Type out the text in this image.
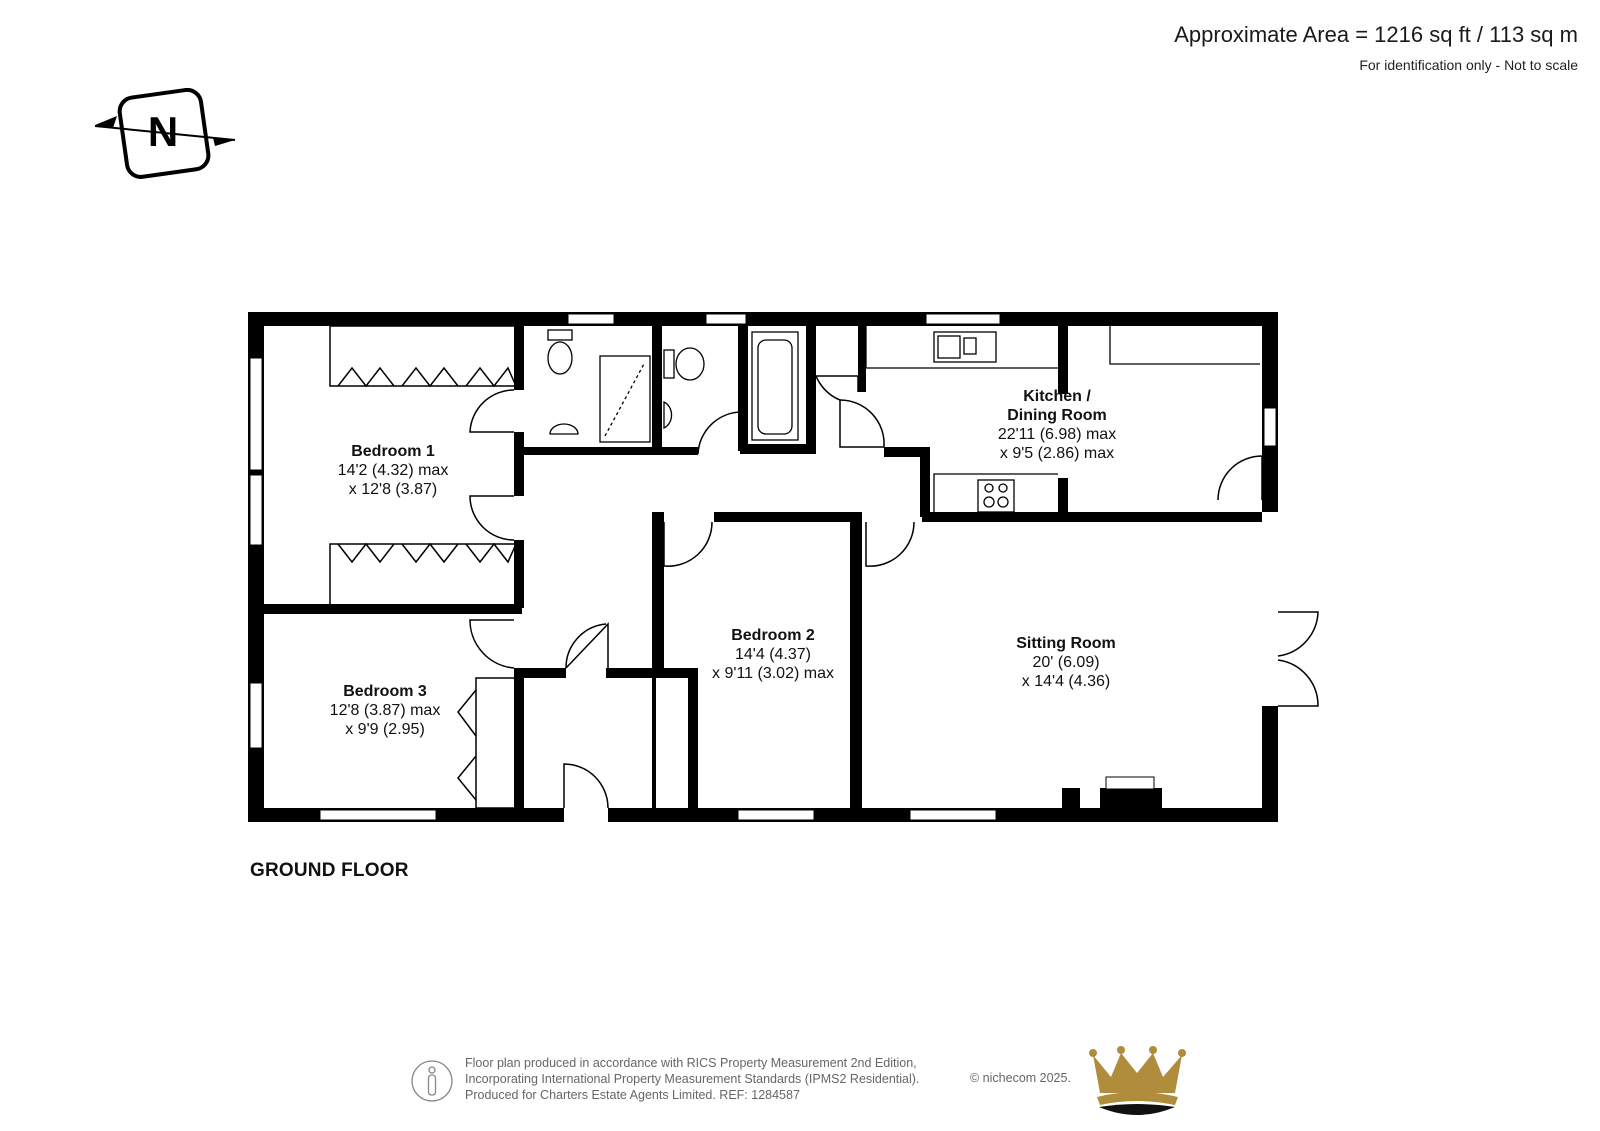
Approximate Area = 1216 sq ft / 113 sq m
For identification only - Not to scale
N
Bedroom 1
14'2 (4.32) max
x 12'8 (3.87)
Kitchen /
Dining Room
22'11 (6.98) max
x 9'5 (2.86) max
Bedroom 2
14'4 (4.37)
x 9'11 (3.02) max
Sitting Room
20' (6.09)
x 14'4 (4.36)
Bedroom 3
12'8 (3.87) max
x 9'9 (2.95)
GROUND FLOOR
Floor plan produced in accordance with RICS Property Measurement 2nd Edition,
Incorporating International Property Measurement Standards (IPMS2 Residential).
Produced for Charters Estate Agents Limited. REF: 1284587
© n⁣ichecom 2025.
